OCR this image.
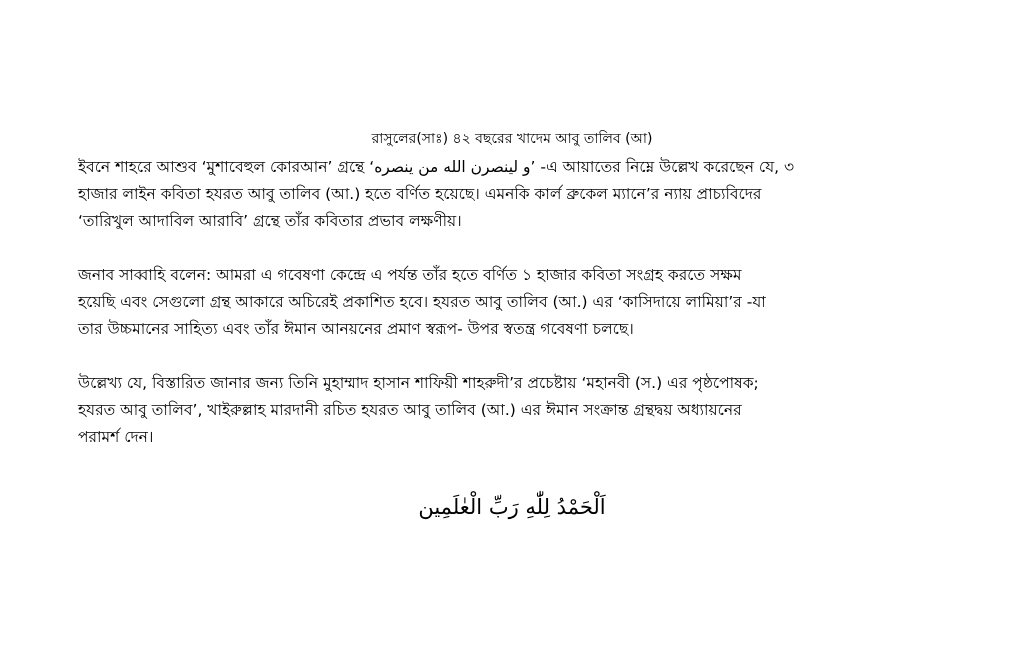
রাসুলের(সাঃ) ৪২ বছরের খাদেম আবু তালিব (আ)

ইবনে শাহরে আশুব ‘মুশাবেহুল কোরআন’ গ্রন্থে ‘و لینصرن الله من ینصره’ -এ আয়াতের নিম্নে উল্লেখ করেছেন যে, ৩
হাজার লাইন কবিতা হযরত আবু তালিব (আ.) হতে বর্ণিত হয়েছে। এমনকি কার্ল ব্রুকেল ম্যানে’র ন্যায় প্রাচ্যবিদের
‘তারিখুল আদাবিল আরাবি’ গ্রন্থে তাঁর কবিতার প্রভাব লক্ষণীয়।

জনাব সাব্বাহি বলেন: আমরা এ গবেষণা কেন্দ্রে এ পর্যন্ত তাঁর হতে বর্ণিত ১ হাজার কবিতা সংগ্রহ করতে সক্ষম
হয়েছি এবং সেগুলো গ্রন্থ আকারে অচিরেই প্রকাশিত হবে। হযরত আবু তালিব (আ.) এর ‘কাসিদায়ে লামিয়া’র -যা
তার উচ্চমানের সাহিত্য এবং তাঁর ঈমান আনয়নের প্রমাণ স্বরূপ- উপর স্বতন্ত্র গবেষণা চলছে।

উল্লেখ্য যে, বিস্তারিত জানার জন্য তিনি মুহাম্মাদ হাসান শাফিয়ী শাহরুদী’র প্রচেষ্টায় ‘মহানবী (স.) এর পৃষ্ঠপোষক;
হযরত আবু তালিব’, খাইরুল্লাহ মারদানী রচিত হযরত আবু তালিব (আ.) এর ঈমান সংক্রান্ত গ্রন্থদ্বয় অধ্যায়নের
পরামর্শ দেন।

اَلْحَمْدُ لِلّٰهِ رَبِّ الْعٰلَمِين
